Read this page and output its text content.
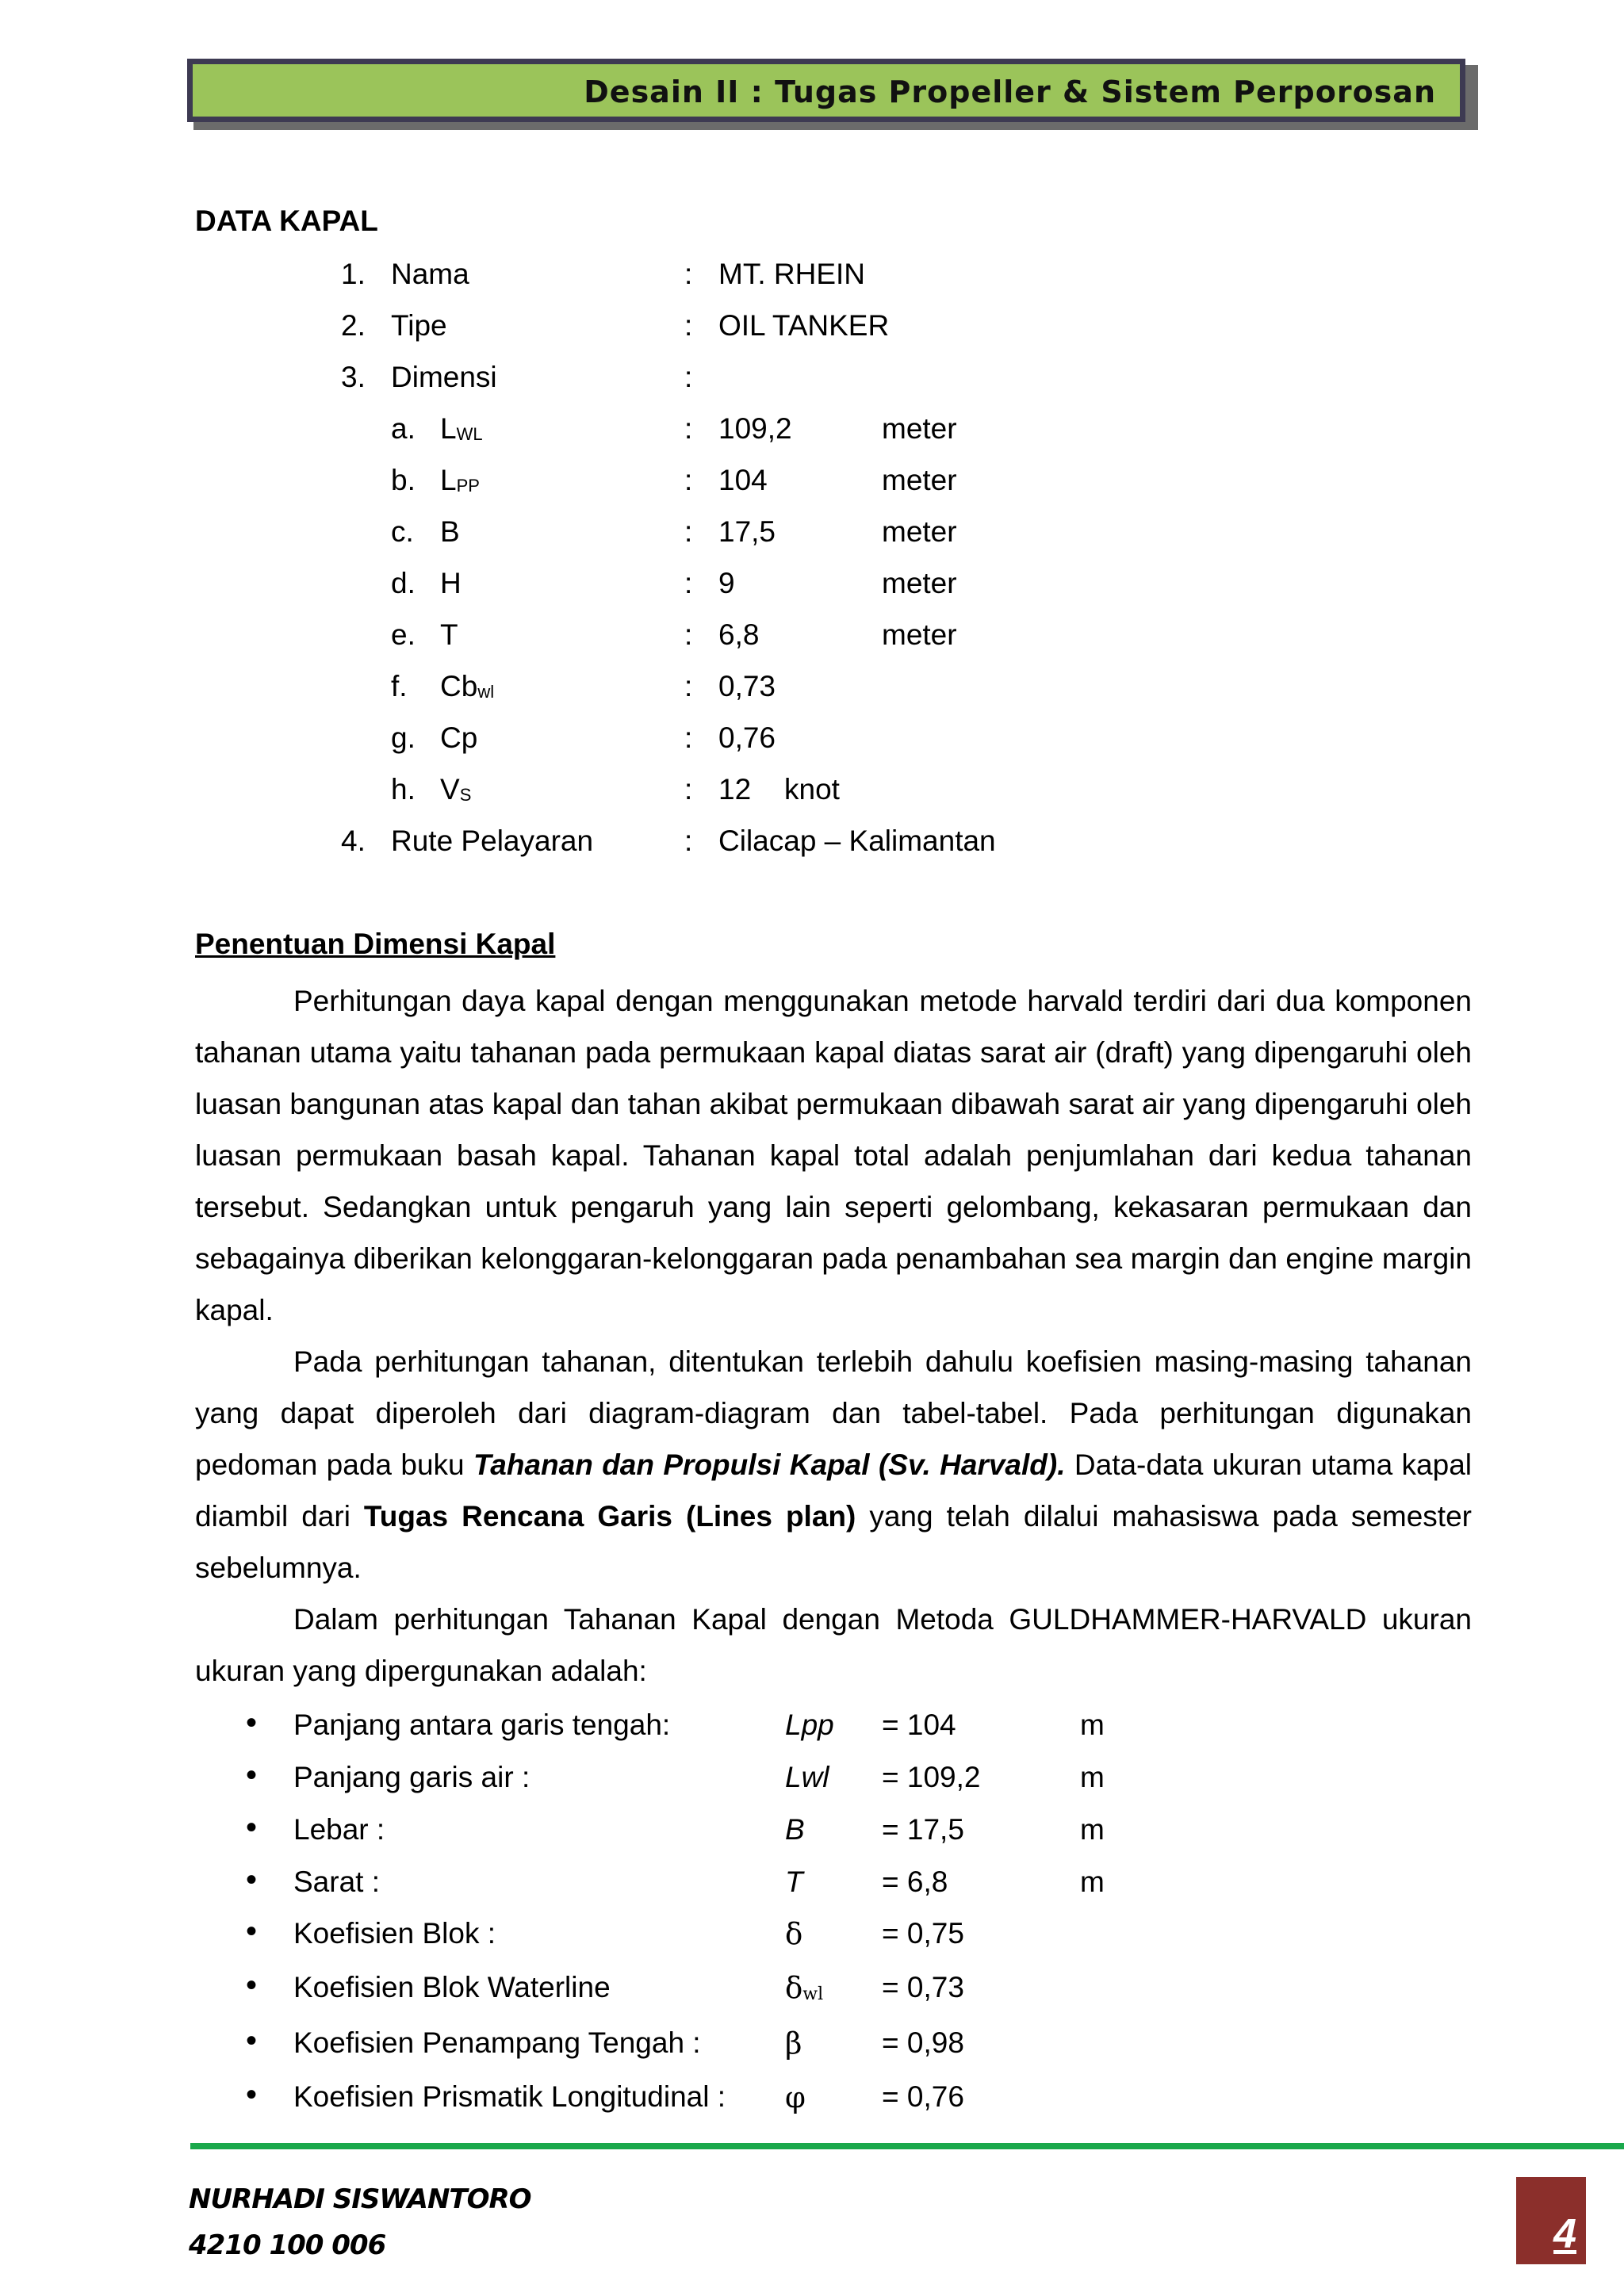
Desain II : Tugas Propeller & Sistem Perporosan
DATA KAPAL
Penentuan Dimensi Kapal
Perhitungan daya kapal dengan menggunakan metode harvald terdiri dari dua komponen tahanan utama yaitu tahanan pada permukaan kapal diatas sarat air (draft) yang dipengaruhi oleh luasan bangunan atas kapal dan tahan akibat permukaan dibawah sarat air yang dipengaruhi oleh luasan permukaan basah kapal. Tahanan kapal total adalah penjumlahan dari kedua tahanan tersebut. Sedangkan untuk pengaruh yang lain seperti gelombang, kekasaran permukaan dan sebagainya diberikan kelonggaran-kelonggaran pada penambahan sea margin dan engine margin kapal.
Pada perhitungan tahanan, ditentukan terlebih dahulu koefisien masing-masing tahanan yang dapat diperoleh dari diagram-diagram dan tabel-tabel. Pada perhitungan digunakan pedoman pada buku Tahanan dan Propulsi Kapal (Sv. Harvald). Data-data ukuran utama kapal diambil dari Tugas Rencana Garis (Lines plan) yang telah dilalui mahasiswa pada semester sebelumnya.
Dalam perhitungan Tahanan Kapal dengan Metoda GULDHAMMER-HARVALD ukuran ukuran yang dipergunakan adalah:
NURHADI SISWANTORO
4210 100 006	4
1. Nama	: MT. RHEIN
2. Tipe	: OIL TANKER
3. Dimensi	:
a. $L_{WL}$	: 109,2	meter
b. $L_{PP}$	: 104	meter
c. B	: 17,5	meter
d. H	: 9	meter
e. T	: 6,8	meter
f. $Cb_{wl}$	: 0,73
g. Cp	: 0,76
h. $V_S$	: 12 knot
4. Rute Pelayaran	: Cilacap – Kalimantan
• Panjang antara garis tengah:	Lpp = 104	m
• Panjang garis air :	Lwl = 109,2	m
• Lebar :	B	= 17,5	m
• Sarat :	T	= 6,8	m
• Koefisien Blok :	δ	= 0,75
• Koefisien Blok Waterline	$\delta_{wl} = 0,73$
• Koefisien Penampang Tengah :	β	= 0,98
• Koefisien Prismatik Longitudinal : φ	= 0,76
